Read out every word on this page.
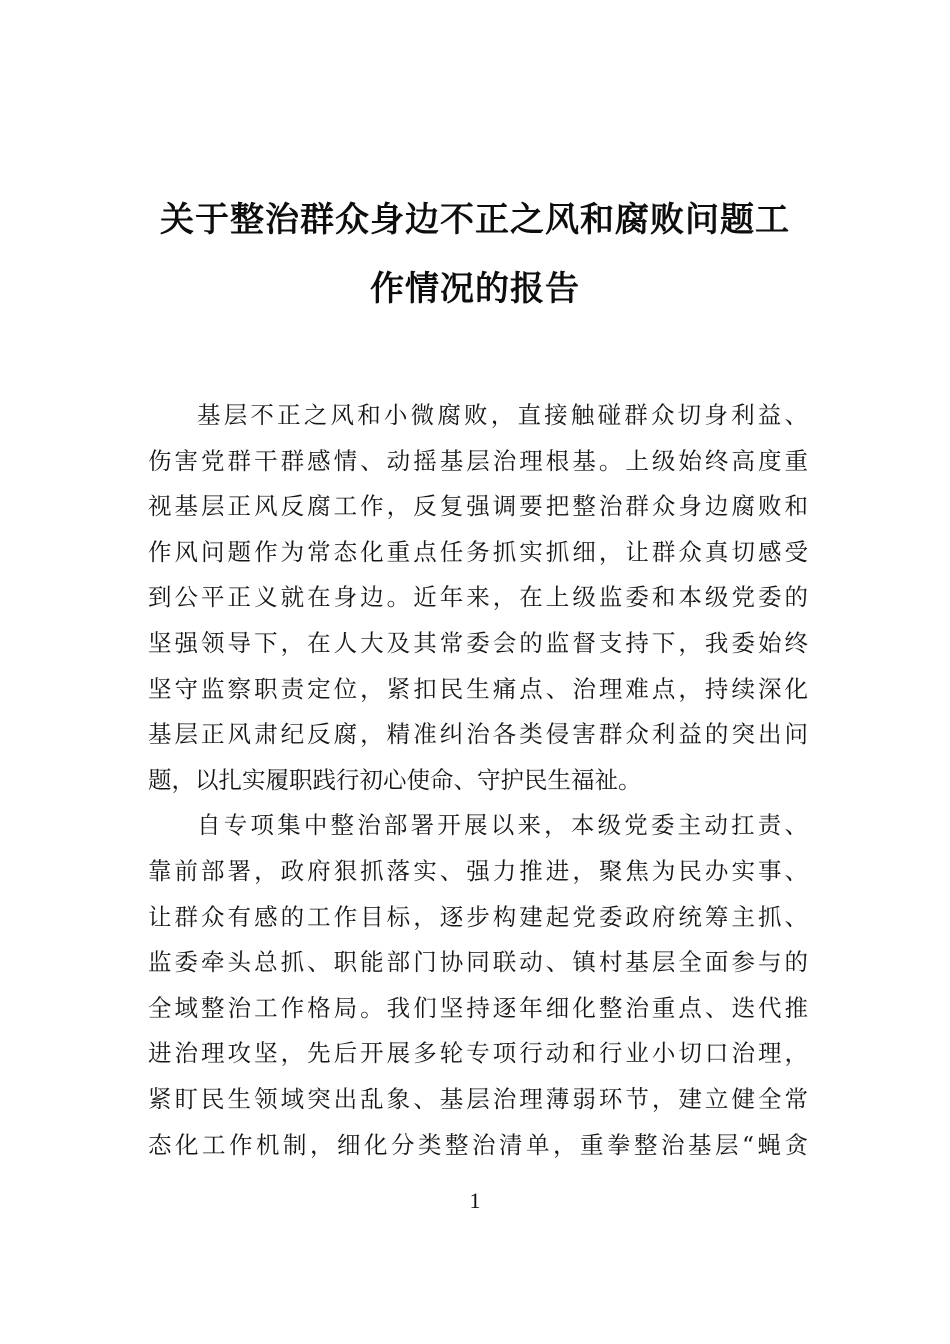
关于整治群众身边不正之风和腐败问题工
作情况的报告

基层不正之风和小微腐败，直接触碰群众切身利益、
伤害党群干群感情、动摇基层治理根基。上级始终高度重
视基层正风反腐工作，反复强调要把整治群众身边腐败和
作风问题作为常态化重点任务抓实抓细，让群众真切感受
到公平正义就在身边。近年来，在上级监委和本级党委的
坚强领导下，在人大及其常委会的监督支持下，我委始终
坚守监察职责定位，紧扣民生痛点、治理难点，持续深化
基层正风肃纪反腐，精准纠治各类侵害群众利益的突出问
题，以扎实履职践行初心使命、守护民生福祉。

自专项集中整治部署开展以来，本级党委主动扛责、
靠前部署，政府狠抓落实、强力推进，聚焦为民办实事、
让群众有感的工作目标，逐步构建起党委政府统筹主抓、
监委牵头总抓、职能部门协同联动、镇村基层全面参与的
全域整治工作格局。我们坚持逐年细化整治重点、迭代推
进治理攻坚，先后开展多轮专项行动和行业小切口治理，
紧盯民生领域突出乱象、基层治理薄弱环节，建立健全常
态化工作机制，细化分类整治清单，重拳整治基层“蝇贪

1
